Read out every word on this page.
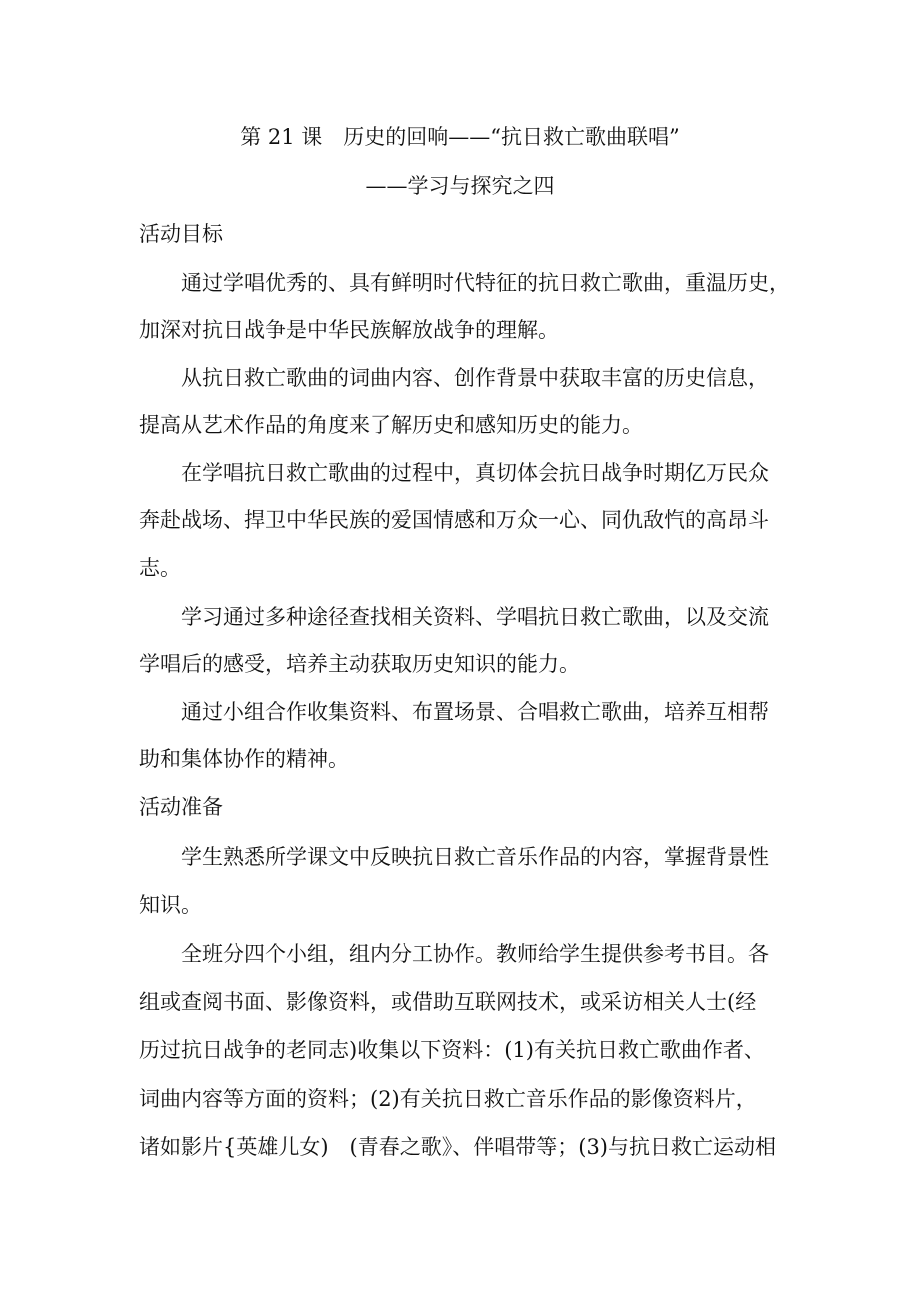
第 21 课　历史的回响——“抗日救亡歌曲联唱”
——学习与探究之四
活动目标
通过学唱优秀的、具有鲜明时代特征的抗日救亡歌曲，重温历史，
加深对抗日战争是中华民族解放战争的理解。
从抗日救亡歌曲的词曲内容、创作背景中获取丰富的历史信息，
提高从艺术作品的角度来了解历史和感知历史的能力。
在学唱抗日救亡歌曲的过程中，真切体会抗日战争时期亿万民众
奔赴战场、捍卫中华民族的爱国情感和万众一心、同仇敌忾的高昂斗
志。
学习通过多种途径查找相关资料、学唱抗日救亡歌曲，以及交流
学唱后的感受，培养主动获取历史知识的能力。
通过小组合作收集资料、布置场景、合唱救亡歌曲，培养互相帮
助和集体协作的精神。
活动准备
学生熟悉所学课文中反映抗日救亡音乐作品的内容，掌握背景性
知识。
全班分四个小组，组内分工协作。教师给学生提供参考书目。各
组或查阅书面、影像资料，或借助互联网技术，或采访相关人士(经
历过抗日战争的老同志)收集以下资料：(1)有关抗日救亡歌曲作者、
词曲内容等方面的资料；(2)有关抗日救亡音乐作品的影像资料片，
诸如影片{英雄儿女)　(青春之歌》、伴唱带等；(3)与抗日救亡运动相
